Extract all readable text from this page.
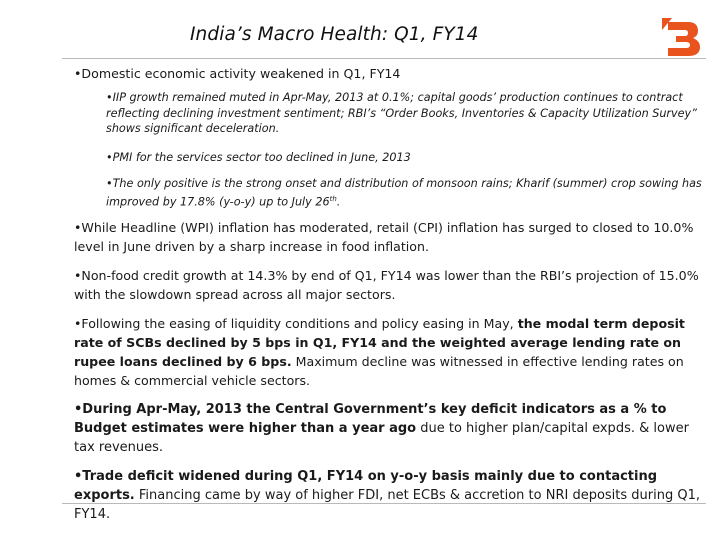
India’s Macro Health: Q1, FY14
•Domestic economic activity weakened in Q1, FY14
•IIP growth remained muted in Apr-May, 2013 at 0.1%; capital goods’ production continues to contract reflecting declining investment sentiment; RBI’s “Order Books, Inventories & Capacity Utilization Survey” shows significant deceleration.
•PMI for the services sector too declined in June, 2013
•The only positive is the strong onset and distribution of monsoon rains; Kharif (summer) crop sowing has improved by 17.8% (y-o-y) up to July 26th.
•While Headline (WPI) inflation has moderated, retail (CPI) inflation has surged to closed to 10.0% level in June driven by a sharp increase in food inflation.
•Non-food credit growth at 14.3% by end of Q1, FY14 was lower than the RBI’s projection of 15.0% with the slowdown spread across all major sectors.
•Following the easing of liquidity conditions and policy easing in May, the modal term deposit rate of SCBs declined by 5 bps in Q1, FY14 and the weighted average lending rate on rupee loans declined by 6 bps. Maximum decline was witnessed in effective lending rates on homes & commercial vehicle sectors.
•During Apr-May, 2013 the Central Government’s key deficit indicators as a % to Budget estimates were higher than a year ago due to higher plan/capital expds. & lower tax revenues.
•Trade deficit widened during Q1, FY14 on y-o-y basis mainly due to contacting exports. Financing came by way of higher FDI, net ECBs & accretion to NRI deposits during Q1, FY14.
